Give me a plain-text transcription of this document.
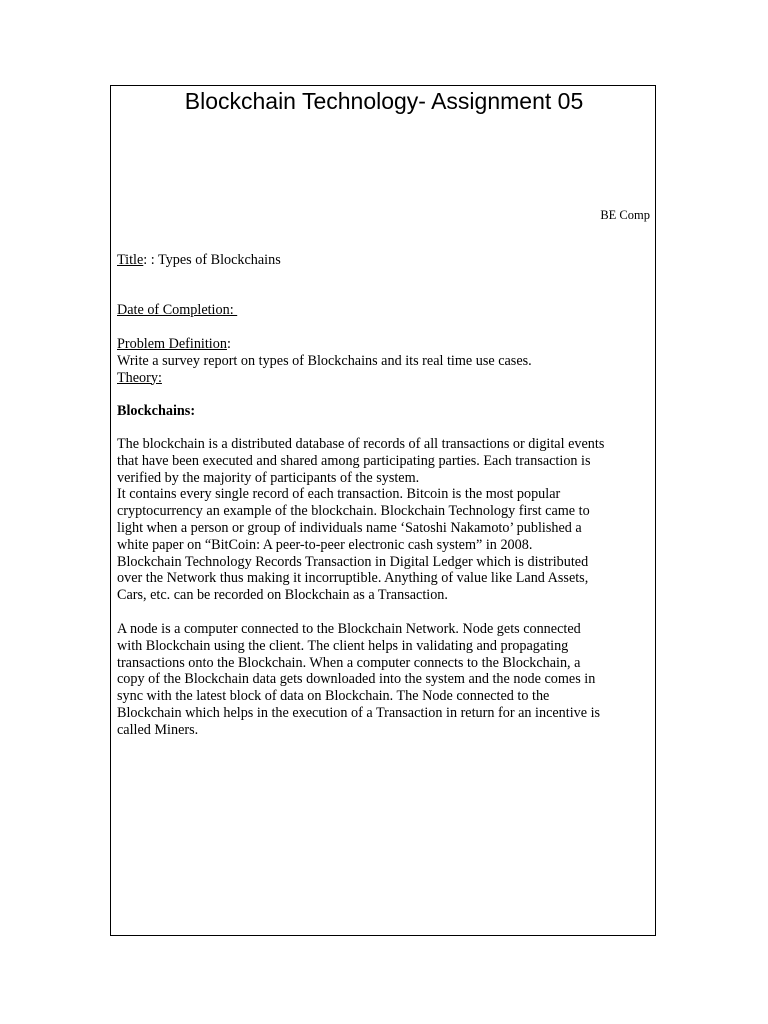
Blockchain Technology- Assignment 05
BE Comp
Title: : Types of Blockchains
Date of Completion:

Problem Definition:

Write a survey report on types of Blockchains and its real time use cases.

Theory:

Blockchains:

The blockchain is a distributed database of records of all transactions or digital events

that have been executed and shared among participating parties. Each transaction is

verified by the majority of participants of the system.

It contains every single record of each transaction. Bitcoin is the most popular

cryptocurrency an example of the blockchain. Blockchain Technology first came to

light when a person or group of individuals name ‘Satoshi Nakamoto’ published a

white paper on “BitCoin: A peer-to-peer electronic cash system” in 2008.

Blockchain Technology Records Transaction in Digital Ledger which is distributed

over the Network thus making it incorruptible. Anything of value like Land Assets,

Cars, etc. can be recorded on Blockchain as a Transaction.

A node is a computer connected to the Blockchain Network. Node gets connected

with Blockchain using the client. The client helps in validating and propagating

transactions onto the Blockchain. When a computer connects to the Blockchain, a

copy of the Blockchain data gets downloaded into the system and the node comes in

sync with the latest block of data on Blockchain. The Node connected to the

Blockchain which helps in the execution of a Transaction in return for an incentive is

called Miners.
